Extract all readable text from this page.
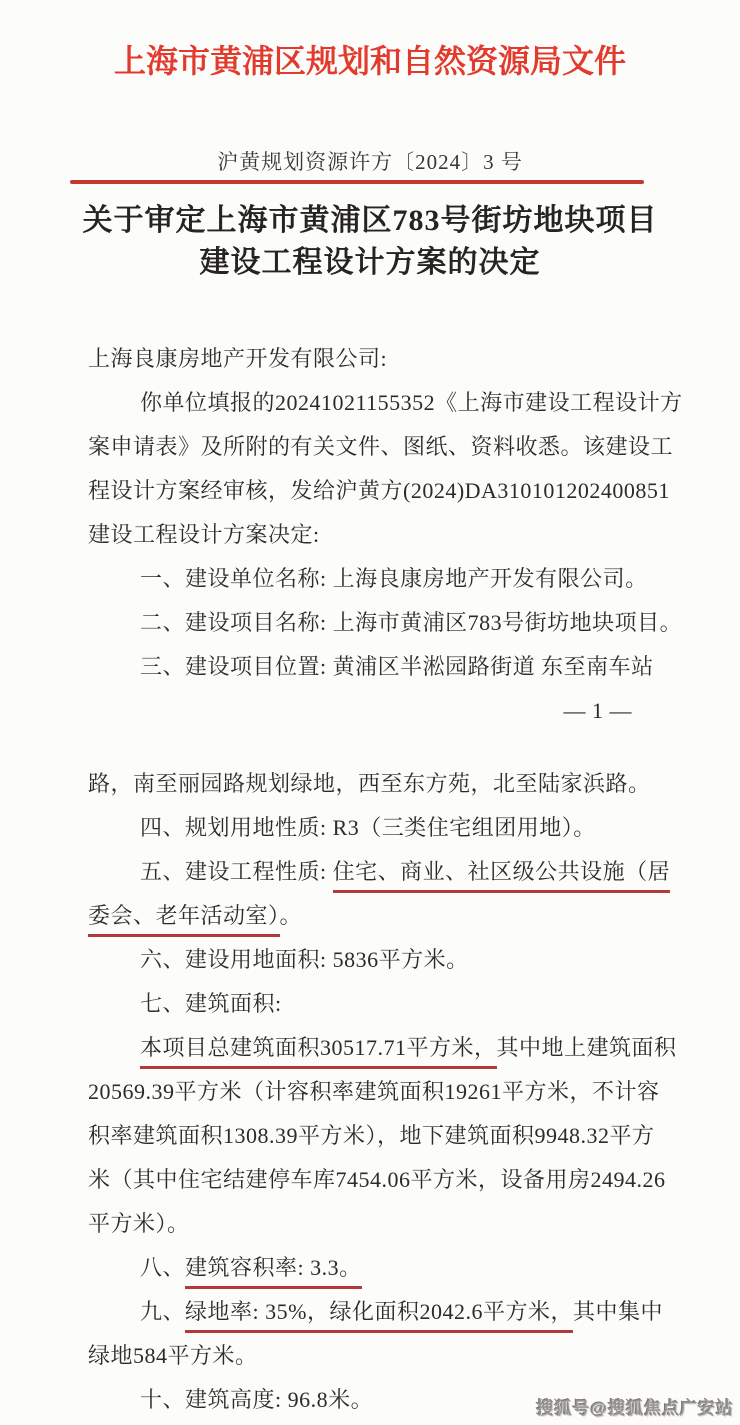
上海市黄浦区规划和自然资源局文件
沪黄规划资源许方〔2024〕3 号
关于审定上海市黄浦区783号街坊地块项目
建设工程设计方案的决定
上海良康房地产开发有限公司:
你单位填报的20241021155352《上海市建设工程设计方
案申请表》及所附的有关文件、图纸、资料收悉。该建设工
程设计方案经审核，发给沪黄方(2024)DA310101202400851
建设工程设计方案决定:
一、建设单位名称: 上海良康房地产开发有限公司。
二、建设项目名称: 上海市黄浦区783号街坊地块项目。
三、建设项目位置: 黄浦区半淞园路街道 东至南车站
— 1 —
路，南至丽园路规划绿地，西至东方苑，北至陆家浜路。
四、规划用地性质: R3（三类住宅组团用地）。
五、建设工程性质: 住宅、商业、社区级公共设施（居
委会、老年活动室）。
六、建设用地面积: 5836平方米。
七、建筑面积:
本项目总建筑面积30517.71平方米，其中地上建筑面积
20569.39平方米（计容积率建筑面积19261平方米，不计容
积率建筑面积1308.39平方米），地下建筑面积9948.32平方
米（其中住宅结建停车库7454.06平方米，设备用房2494.26
平方米）。
八、建筑容积率: 3.3。
九、绿地率: 35%，绿化面积2042.6平方米，其中集中
绿地584平方米。
十、建筑高度: 96.8米。	搜狐号@搜狐焦点广安站
